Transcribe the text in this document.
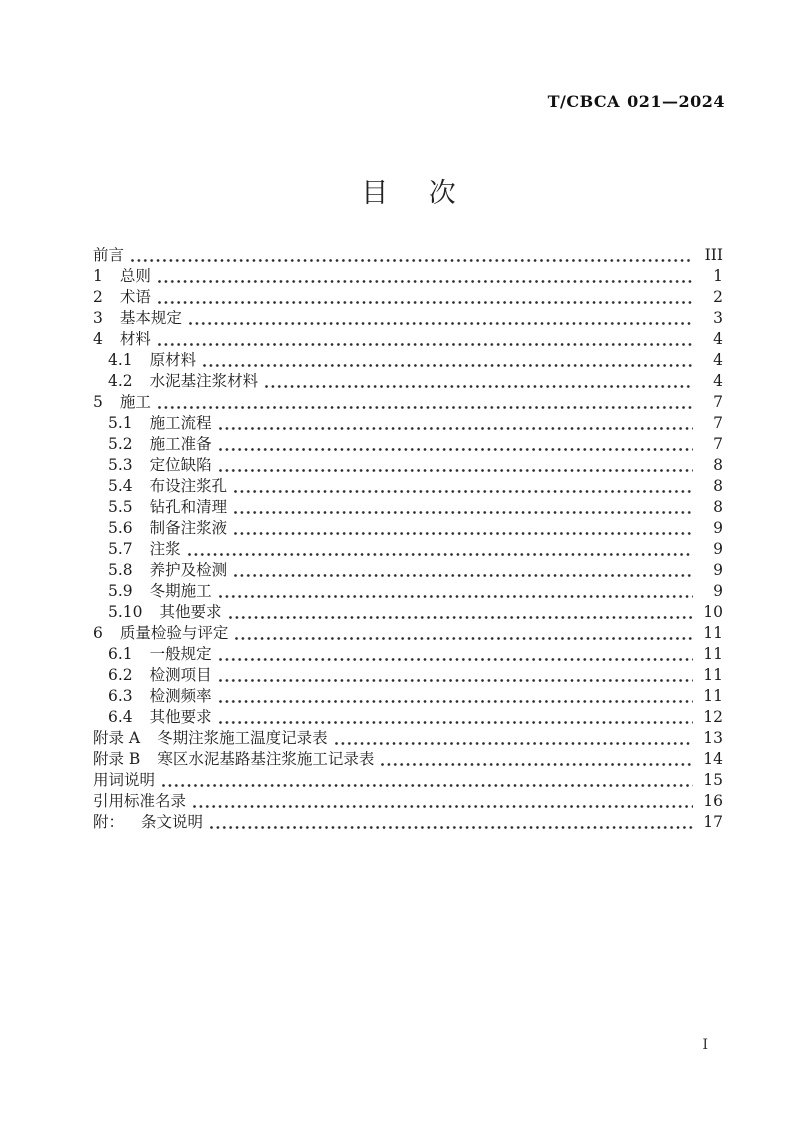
T/CBCA 021—2024
目 次
前言	III
1 总则	1
2 术语	2
3 基本规定	3
4 材料	4
4.1 原材料	4
4.2 水泥基注浆材料	4
5 施工	7
5.1 施工流程	7
5.2 施工准备	7
5.3 定位缺陷	8
5.4 布设注浆孔	8
5.5 钻孔和清理	8
5.6 制备注浆液	9
5.7 注浆	9
5.8 养护及检测	9
5.9 冬期施工	9
5.10 其他要求	10
6 质量检验与评定	11
6.1 一般规定	11
6.2 检测项目	11
6.3 检测频率	11
6.4 其他要求	12
附录 A 冬期注浆施工温度记录表	13
附录 B 寒区水泥基路基注浆施工记录表	14
用词说明	15
引用标准名录	16
附： 条文说明	17
I
